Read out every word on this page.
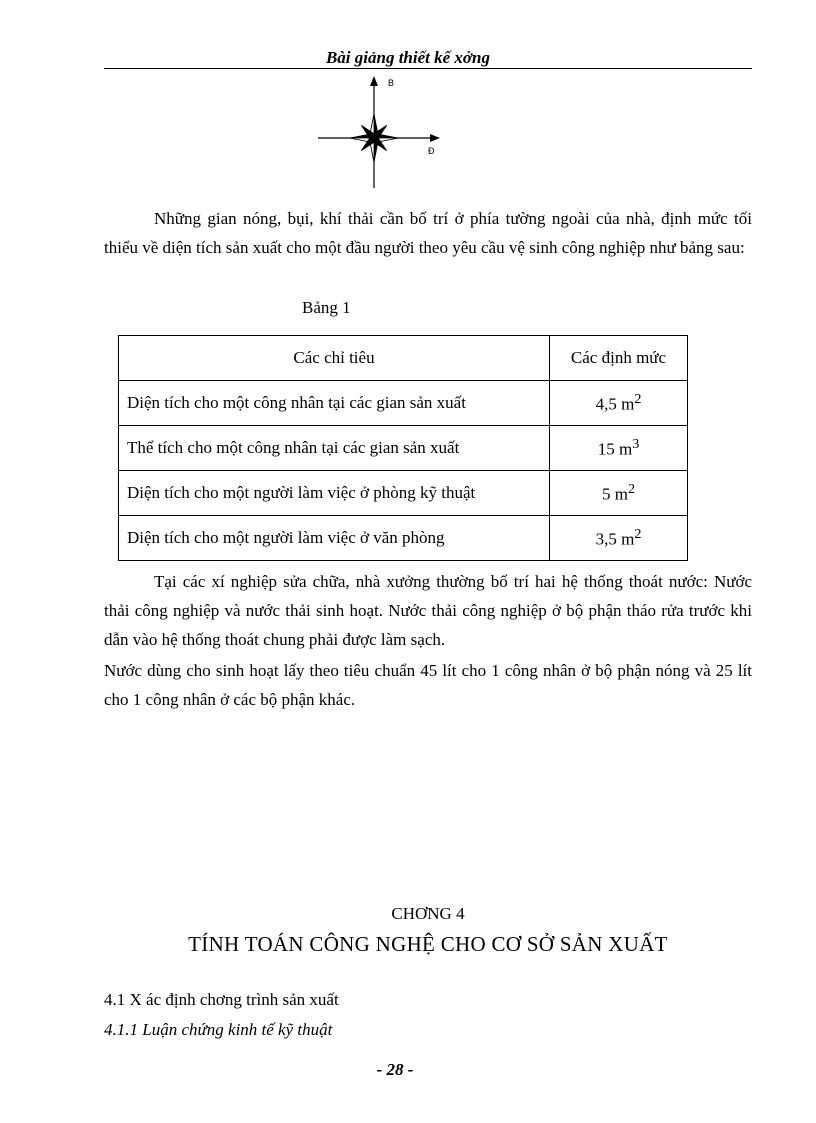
Bài giảng thiết kế xởng
B
Đ

Những gian nóng, bụi, khí thải cần bố trí ở phía tường ngoài của nhà, định mức tối thiểu về diện tích sản xuất cho một đầu người theo yêu cầu vệ sinh công nghiệp như bảng sau:

Bảng 1
Các chỉ tiêu	Các định mức
Diện tích cho một công nhân tại các gian sản xuất	4,5 $m^2$
Thể tích cho một công nhân tại các gian sản xuất	15 $m^3$
Diện tích cho một người làm việc ở phòng kỹ thuật	5 $m^2$
Diện tích cho một người làm việc ở văn phòng	3,5 $m^2$

Tại các xí nghiệp sửa chữa, nhà xưởng thường bố trí hai hệ thống thoát nước: Nước thải công nghiệp và nước thải sinh hoạt. Nước thải công nghiệp ở bộ phận tháo rửa trước khi dẫn vào hệ thống thoát chung phải được làm sạch.

Nước dùng cho sinh hoạt lấy theo tiêu chuẩn 45 lít cho 1 công nhân ở bộ phận nóng và 25 lít cho 1 công nhân ở các bộ phận khác.

CHƠNG 4
TÍNH TOÁN CÔNG NGHỆ CHO CƠ SỞ SẢN XUẤT
4.1 X ác định chơng trình sản xuất
4.1.1 Luận chứng kinh tế kỹ thuật
- 28 -
